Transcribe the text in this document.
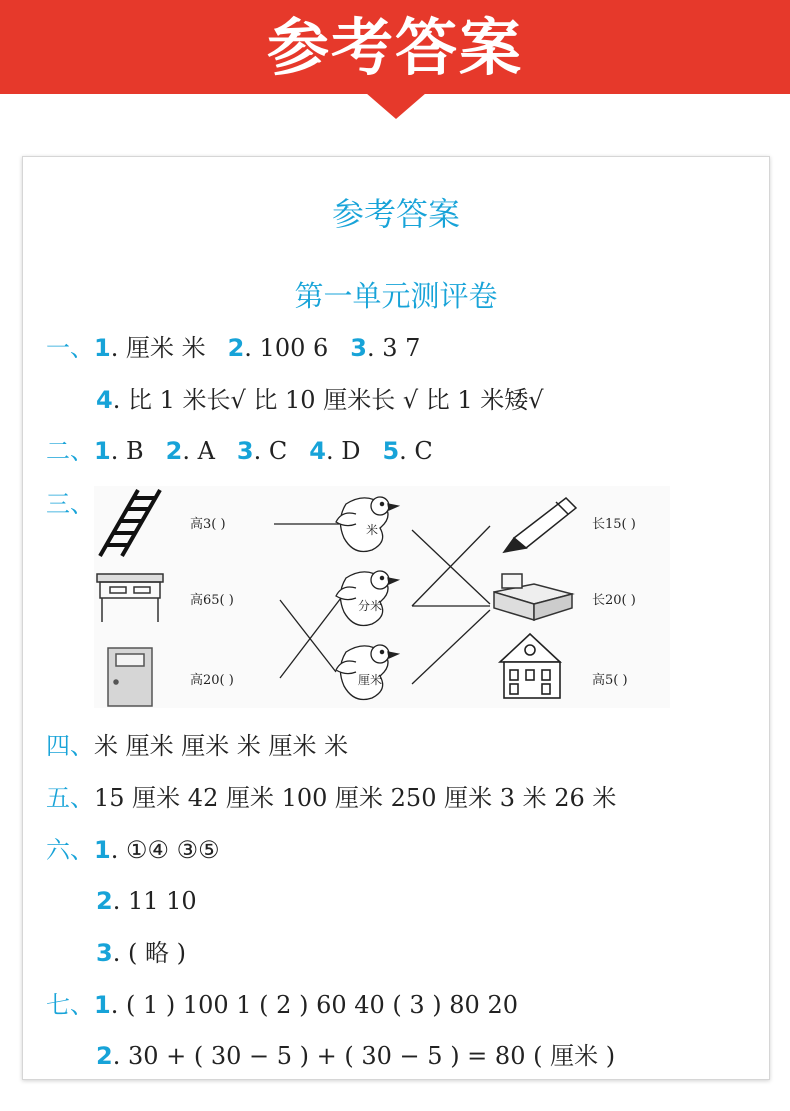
参考答案
参考答案
第一单元测评卷
一、1. 厘米 米 2. 100 6 3. 3 7
4. 比 1 米长√ 比 10 厘米长 √ 比 1 米矮√
二、1. B 2. A 3. C 4. D 5. C
三、
高3( )
高65( )
高20( )
米
分米
厘米
长15( )
长20( )
高5( )
四、米 厘米 厘米 米 厘米 米
五、15 厘米 42 厘米 100 厘米 250 厘米 3 米 26 米
六、1. ①④ ③⑤
2. 11 10
3. ( 略 )
七、1. ( 1 ) 100 1 ( 2 ) 60 40 ( 3 ) 80 20
2. 30 + ( 30 − 5 ) + ( 30 − 5 ) = 80 ( 厘米 )
